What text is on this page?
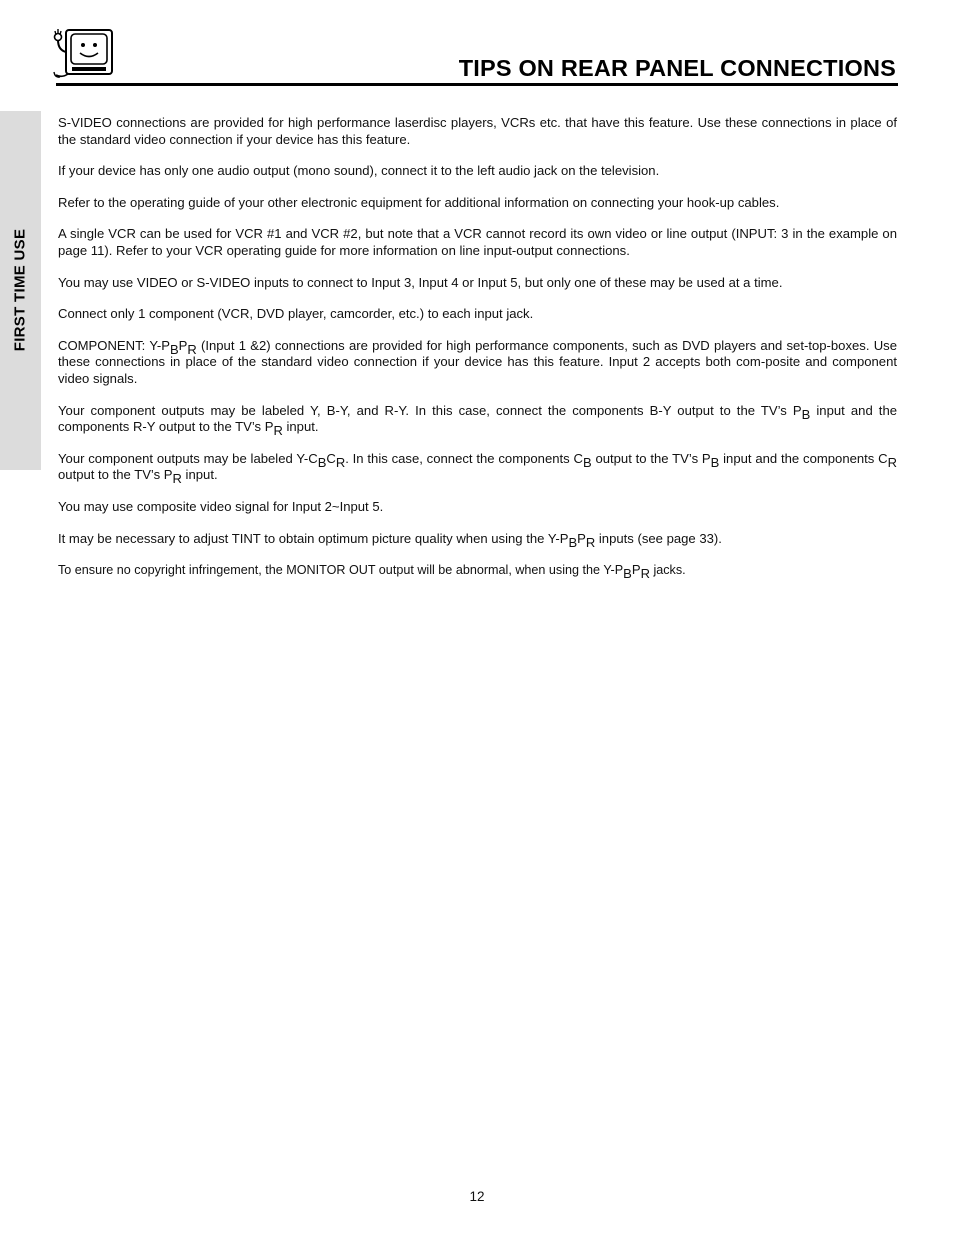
TIPS ON REAR PANEL CONNECTIONS
FIRST TIME USE

S-VIDEO connections are provided for high performance laserdisc players, VCRs etc. that have this feature. Use these connections in place of the standard video connection if your device has this feature.

If your device has only one audio output (mono sound), connect it to the left audio jack on the television.

Refer to the operating guide of your other electronic equipment for additional information on connecting your hook-up cables.

A single VCR can be used for VCR #1 and VCR #2, but note that a VCR cannot record its own video or line output (INPUT: 3 in the example on page 11). Refer to your VCR operating guide for more information on line input-output connections.

You may use VIDEO or S-VIDEO inputs to connect to Input 3, Input 4 or Input 5, but only one of these may be used at a time.

Connect only 1 component (VCR, DVD player, camcorder, etc.) to each input jack.

COMPONENT: $Y-P_BP_R$ (Input 1 &2) connections are provided for high performance components, such as DVD players and set-top-boxes. Use these connections in place of the standard video connection if your device has this feature. Input 2 accepts both com-posite and component video signals.

Your component outputs may be labeled Y, B-Y, and R-Y. In this case, connect the components B-Y output to the TV’s $P_B$ input and the components R-Y output to the TV’s $P_R$ input.

Your component outputs may be labeled $Y-C_BC_R$. In this case, connect the components $C_B$ output to the TV’s $P_B$ input and the components $C_R$ output to the TV’s $P_R$ input.

You may use composite video signal for Input 2~Input 5.

It may be necessary to adjust TINT to obtain optimum picture quality when using the $Y-P_BP_R$ inputs (see page 33).

To ensure no copyright infringement, the MONITOR OUT output will be abnormal, when using the $Y-P_BP_R$ jacks.

12
